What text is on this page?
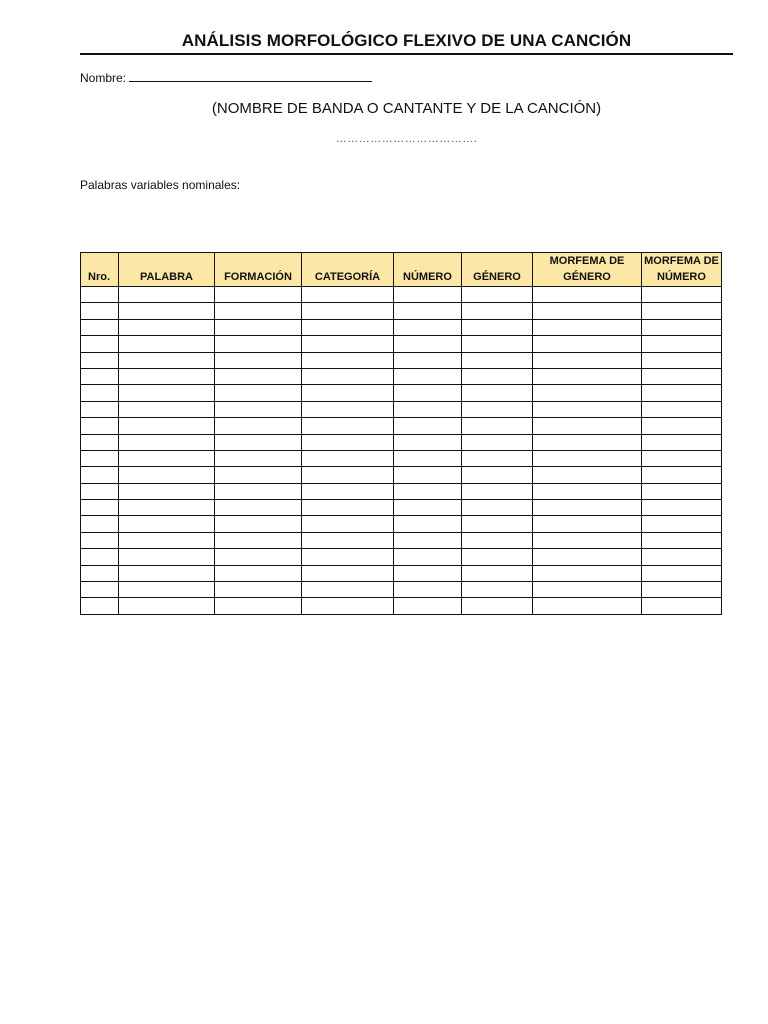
ANÁLISIS MORFOLÓGICO FLEXIVO DE UNA CANCIÓN
Nombre:
(NOMBRE DE BANDA O CANTANTE Y DE LA CANCIÓN)
……………………………….
Palabras variables nominales:
Nro.	PALABRA	FORMACIÓN	CATEGORÍA	NÚMERO	GÉNERO	MORFEMA DE GÉNERO	MORFEMA DE NÚMERO
